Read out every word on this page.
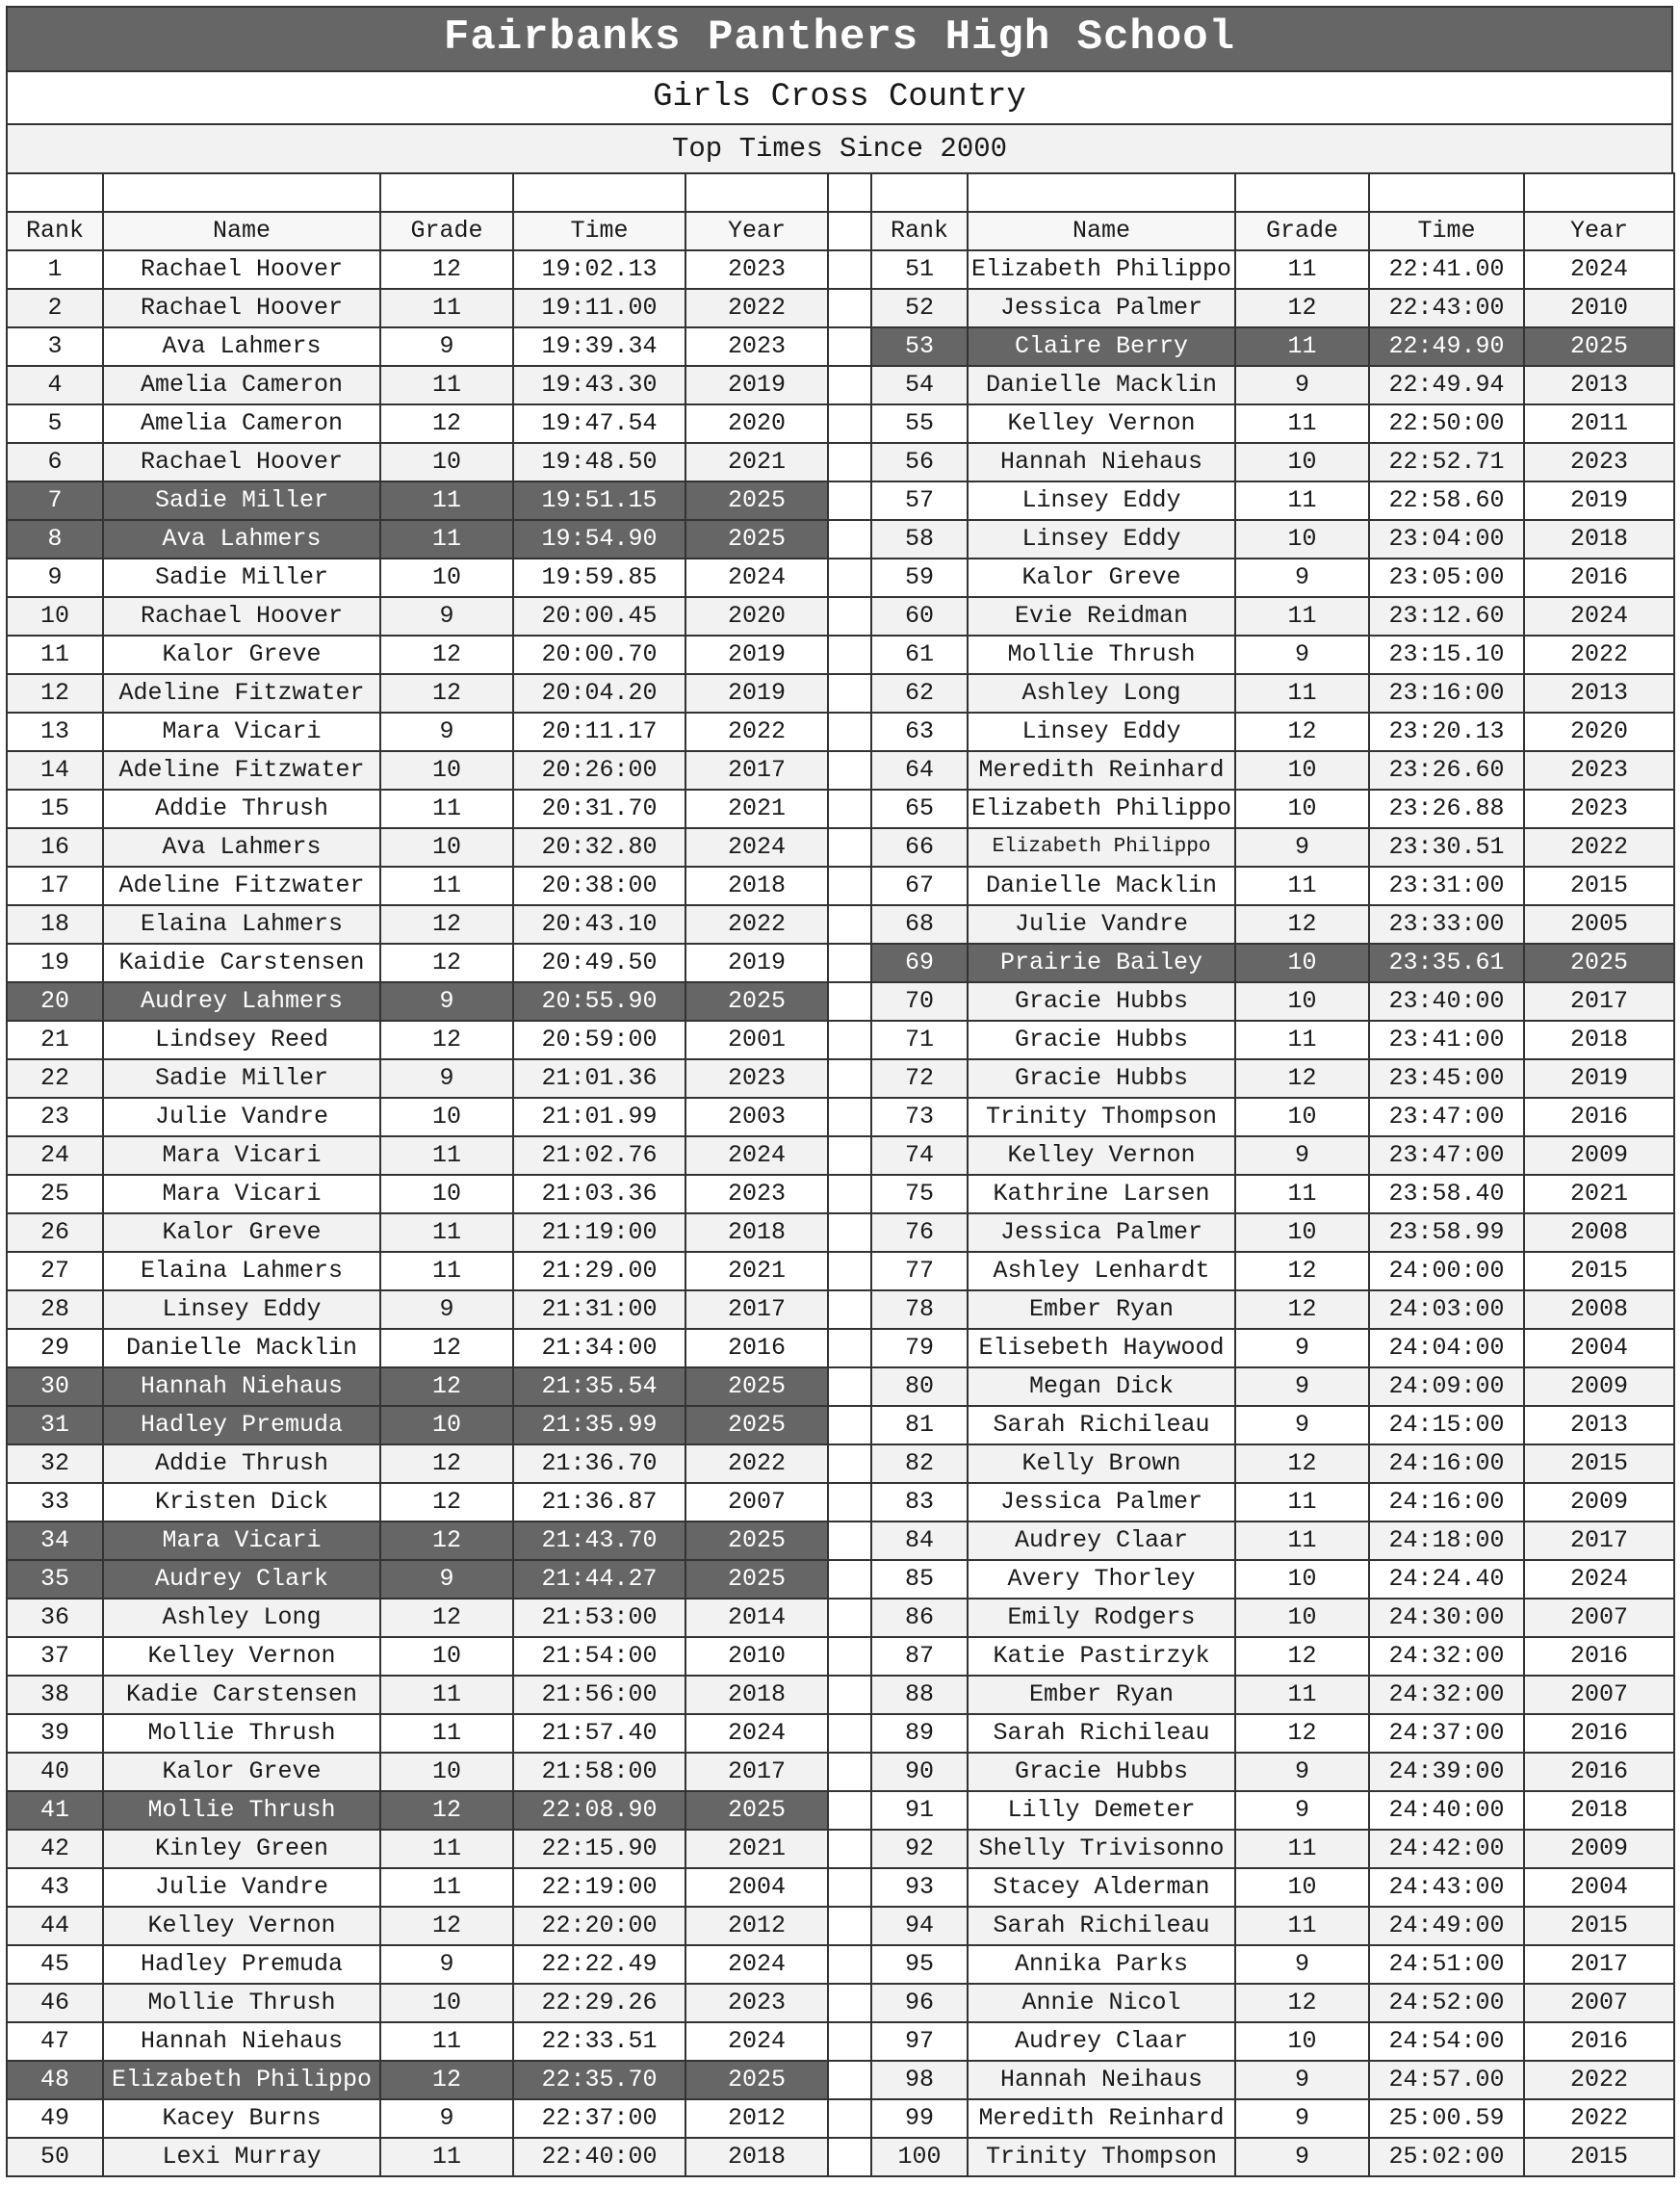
Fairbanks Panthers High School
Girls Cross Country
Top Times Since 2000

Rank	Name	Grade	Time	Year		Rank	Name	Grade	Time	Year
1	Rachael Hoover	12	19:02.13	2023		51	Elizabeth Philippo	11	22:41.00	2024
2	Rachael Hoover	11	19:11.00	2022		52	Jessica Palmer	12	22:43:00	2010
3	Ava Lahmers	9	19:39.34	2023		53	Claire Berry	11	22:49.90	2025
4	Amelia Cameron	11	19:43.30	2019		54	Danielle Macklin	9	22:49.94	2013
5	Amelia Cameron	12	19:47.54	2020		55	Kelley Vernon	11	22:50:00	2011
6	Rachael Hoover	10	19:48.50	2021		56	Hannah Niehaus	10	22:52.71	2023
7	Sadie Miller	11	19:51.15	2025		57	Linsey Eddy	11	22:58.60	2019
8	Ava Lahmers	11	19:54.90	2025		58	Linsey Eddy	10	23:04:00	2018
9	Sadie Miller	10	19:59.85	2024		59	Kalor Greve	9	23:05:00	2016
10	Rachael Hoover	9	20:00.45	2020		60	Evie Reidman	11	23:12.60	2024
11	Kalor Greve	12	20:00.70	2019		61	Mollie Thrush	9	23:15.10	2022
12	Adeline Fitzwater	12	20:04.20	2019		62	Ashley Long	11	23:16:00	2013
13	Mara Vicari	9	20:11.17	2022		63	Linsey Eddy	12	23:20.13	2020
14	Adeline Fitzwater	10	20:26:00	2017		64	Meredith Reinhard	10	23:26.60	2023
15	Addie Thrush	11	20:31.70	2021		65	Elizabeth Philippo	10	23:26.88	2023
16	Ava Lahmers	10	20:32.80	2024		66	Elizabeth Philippo	9	23:30.51	2022
17	Adeline Fitzwater	11	20:38:00	2018		67	Danielle Macklin	11	23:31:00	2015
18	Elaina Lahmers	12	20:43.10	2022		68	Julie Vandre	12	23:33:00	2005
19	Kaidie Carstensen	12	20:49.50	2019		69	Prairie Bailey	10	23:35.61	2025
20	Audrey Lahmers	9	20:55.90	2025		70	Gracie Hubbs	10	23:40:00	2017
21	Lindsey Reed	12	20:59:00	2001		71	Gracie Hubbs	11	23:41:00	2018
22	Sadie Miller	9	21:01.36	2023		72	Gracie Hubbs	12	23:45:00	2019
23	Julie Vandre	10	21:01.99	2003		73	Trinity Thompson	10	23:47:00	2016
24	Mara Vicari	11	21:02.76	2024		74	Kelley Vernon	9	23:47:00	2009
25	Mara Vicari	10	21:03.36	2023		75	Kathrine Larsen	11	23:58.40	2021
26	Kalor Greve	11	21:19:00	2018		76	Jessica Palmer	10	23:58.99	2008
27	Elaina Lahmers	11	21:29.00	2021		77	Ashley Lenhardt	12	24:00:00	2015
28	Linsey Eddy	9	21:31:00	2017		78	Ember Ryan	12	24:03:00	2008
29	Danielle Macklin	12	21:34:00	2016		79	Elisebeth Haywood	9	24:04:00	2004
30	Hannah Niehaus	12	21:35.54	2025		80	Megan Dick	9	24:09:00	2009
31	Hadley Premuda	10	21:35.99	2025		81	Sarah Richileau	9	24:15:00	2013
32	Addie Thrush	12	21:36.70	2022		82	Kelly Brown	12	24:16:00	2015
33	Kristen Dick	12	21:36.87	2007		83	Jessica Palmer	11	24:16:00	2009
34	Mara Vicari	12	21:43.70	2025		84	Audrey Claar	11	24:18:00	2017
35	Audrey Clark	9	21:44.27	2025		85	Avery Thorley	10	24:24.40	2024
36	Ashley Long	12	21:53:00	2014		86	Emily Rodgers	10	24:30:00	2007
37	Kelley Vernon	10	21:54:00	2010		87	Katie Pastirzyk	12	24:32:00	2016
38	Kadie Carstensen	11	21:56:00	2018		88	Ember Ryan	11	24:32:00	2007
39	Mollie Thrush	11	21:57.40	2024		89	Sarah Richileau	12	24:37:00	2016
40	Kalor Greve	10	21:58:00	2017		90	Gracie Hubbs	9	24:39:00	2016
41	Mollie Thrush	12	22:08.90	2025		91	Lilly Demeter	9	24:40:00	2018
42	Kinley Green	11	22:15.90	2021		92	Shelly Trivisonno	11	24:42:00	2009
43	Julie Vandre	11	22:19:00	2004		93	Stacey Alderman	10	24:43:00	2004
44	Kelley Vernon	12	22:20:00	2012		94	Sarah Richileau	11	24:49:00	2015
45	Hadley Premuda	9	22:22.49	2024		95	Annika Parks	9	24:51:00	2017
46	Mollie Thrush	10	22:29.26	2023		96	Annie Nicol	12	24:52:00	2007
47	Hannah Niehaus	11	22:33.51	2024		97	Audrey Claar	10	24:54:00	2016
48	Elizabeth Philippo	12	22:35.70	2025		98	Hannah Neihaus	9	24:57.00	2022
49	Kacey Burns	9	22:37:00	2012		99	Meredith Reinhard	9	25:00.59	2022
50	Lexi Murray	11	22:40:00	2018		100	Trinity Thompson	9	25:02:00	2015
